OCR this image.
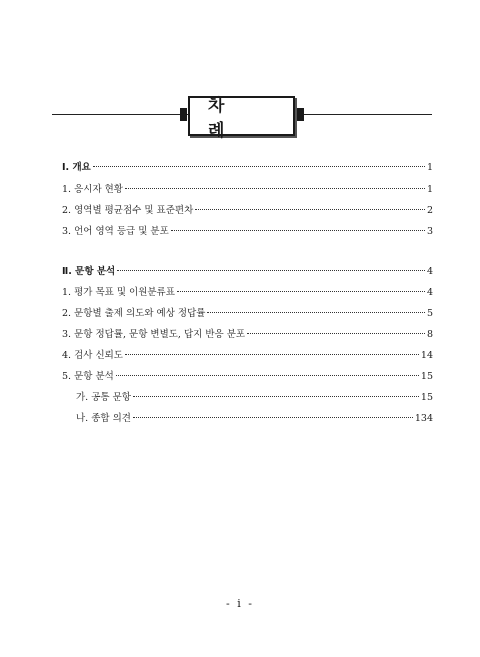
차 례
Ⅰ. 개요	1
1. 응시자 현황	1
2. 영역별 평균점수 및 표준편차	2
3. 언어 영역 등급 및 분포	3
Ⅱ. 문항 분석	4
1. 평가 목표 및 이원분류표	4
2. 문항별 출제 의도와 예상 정답률	5
3. 문항 정답률, 문항 변별도, 답지 반응 분포	8
4. 검사 신뢰도	14
5. 문항 분석	15
가. 공통 문항	15
나. 종합 의견	134
- i -
